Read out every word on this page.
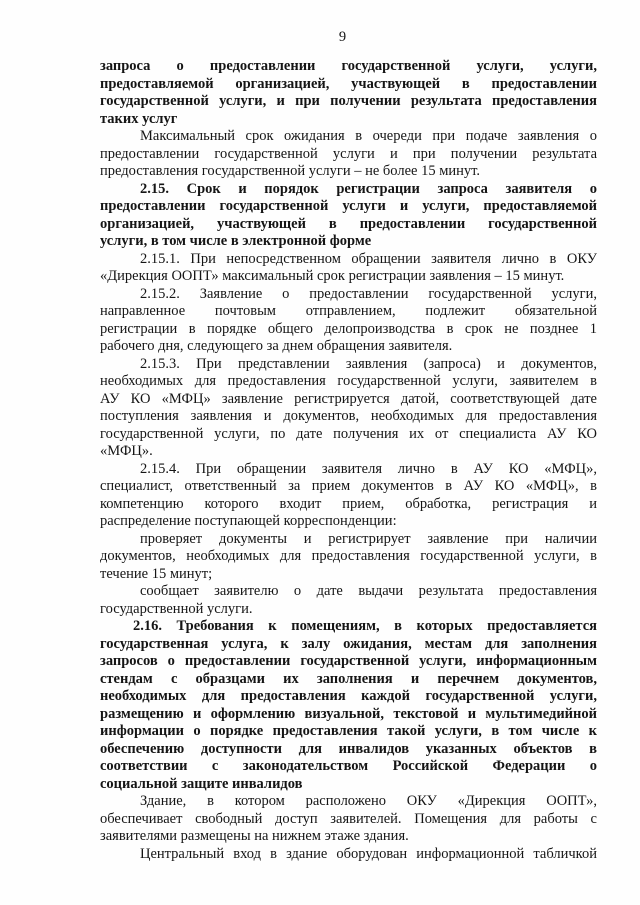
9
запроса о предоставлении государственной услуги, услуги,
предоставляемой организацией, участвующей в предоставлении
государственной услуги, и при получении результата предоставления
таких услуг
Максимальный срок ожидания в очереди при подаче заявления о
предоставлении государственной услуги и при получении результата
предоставления государственной услуги – не более 15 минут.
2.15. Срок и порядок регистрации запроса заявителя о
предоставлении государственной услуги и услуги, предоставляемой
организацией, участвующей в предоставлении государственной
услуги, в том числе в электронной форме
2.15.1. При непосредственном обращении заявителя лично в ОКУ
«Дирекция ООПТ» максимальный срок регистрации заявления – 15 минут.
2.15.2. Заявление о предоставлении государственной услуги,
направленное почтовым отправлением, подлежит обязательной
регистрации в порядке общего делопроизводства в срок не позднее 1
рабочего дня, следующего за днем обращения заявителя.
2.15.3. При представлении заявления (запроса) и документов,
необходимых для предоставления государственной услуги, заявителем в
АУ КО «МФЦ» заявление регистрируется датой, соответствующей дате
поступления заявления и документов, необходимых для предоставления
государственной услуги, по дате получения их от специалиста АУ КО
«МФЦ».
2.15.4. При обращении заявителя лично в АУ КО «МФЦ»,
специалист, ответственный за прием документов в АУ КО «МФЦ», в
компетенцию которого входит прием, обработка, регистрация и
распределение поступающей корреспонденции:
проверяет документы и регистрирует заявление при наличии
документов, необходимых для предоставления государственной услуги, в
течение 15 минут;
сообщает заявителю о дате выдачи результата предоставления
государственной услуги.
2.16. Требования к помещениям, в которых предоставляется
государственная услуга, к залу ожидания, местам для заполнения
запросов о предоставлении государственной услуги, информационным
стендам с образцами их заполнения и перечнем документов,
необходимых для предоставления каждой государственной услуги,
размещению и оформлению визуальной, текстовой и мультимедийной
информации о порядке предоставления такой услуги, в том числе к
обеспечению доступности для инвалидов указанных объектов в
соответствии с законодательством Российской Федерации о
социальной защите инвалидов
Здание, в котором расположено ОКУ «Дирекция ООПТ»,
обеспечивает свободный доступ заявителей. Помещения для работы с
заявителями размещены на нижнем этаже здания.
Центральный вход в здание оборудован информационной табличкой
